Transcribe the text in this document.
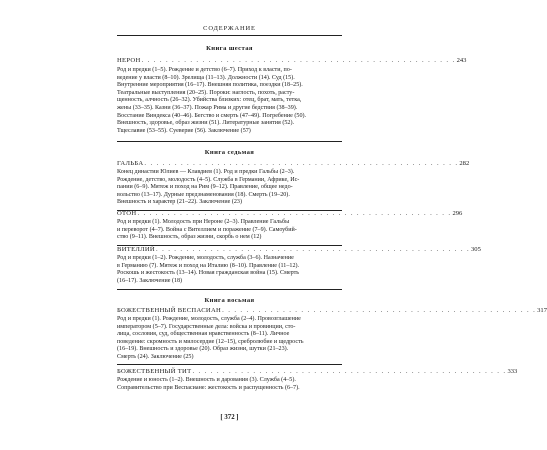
СОДЕРЖАНИЕ
Книга шестая
НЕРОН . . . . . . . . . . . . . . . . . . . . . . . . . . . . . . . . . . . . . . . . . . . . . . . . . . . . 243
Род и предки (1–5). Рождение и детство (6–7). Приход к власти, по-
ведение у власти (8–10). Зрелища (11–13). Должности (14). Суд (15).
Внутренние мероприятия (16–17). Внешняя политика, поездки (18–25).
Театральные выступления (20–25). Пороки: наглость, похоть, расту-
щенность, алчность (26–32). Убийства близких: отец, брат, мать, тетка,
жены (33–35). Казни (36–37). Пожар Рима и другие бедствия (38–39).
Восстание Виндекса (40–46). Бегство и смерть (47–49). Погребение (50).
Внешность, здоровье, образ жизни (51). Литературные занятия (52).
Тщеславие (53–55). Суеверие (56). Заключение (57)
Книга седьмая
ГАЛЬБА . . . . . . . . . . . . . . . . . . . . . . . . . . . . . . . . . . . . . . . . . . . . . . . . . . . . 282
Конец династии Юлиев — Клавдиев (1). Род и предки Гальбы (2–3).
Рождение, детство, молодость (4–5). Служба в Германии, Африке, Ис-
пании (6–9). Мятеж и поход на Рим (9–12). Правление, общее недо-
вольство (13–17). Дурные предзнаменования (18). Смерть (19–20).
Внешность и характер (21–22). Заключение (23)
ОТОН . . . . . . . . . . . . . . . . . . . . . . . . . . . . . . . . . . . . . . . . . . . . . . . . . . . . 296
Род и предки (1). Молодость при Нероне (2–3). Правление Гальбы
и переворот (4–7). Война с Вителлием и поражение (7–9). Самоубий-
ство (9–11). Внешность, образ жизни, скорбь о нем (12)
ВИТЕЛЛИЙ . . . . . . . . . . . . . . . . . . . . . . . . . . . . . . . . . . . . . . . . . . . . . . . . . . . . 305
Род и предки (1–2). Рождение, молодость, служба (3–6). Назначение
в Германию (7). Мятеж и поход на Италию (8–10). Правление (11–12).
Роскошь и жестокость (13–14). Новая гражданская война (15). Смерть
(16–17). Заключение (18)
Книга восьмая
БОЖЕСТВЕННЫЙ ВЕСПАСИАН . . . . . . . . . . . . . . . . . . . . . . . . . . . . . . . . . . . . . . . . . . . . . . . . . . . . 317
Род и предки (1). Рождение, молодость, служба (2–4). Провозглашение
императором (5–7). Государственные дела: войска и провинции, сто-
лица, сословия, суд, общественная нравственность (8–11). Личное
поведение: скромность и милосердие (12–15), сребролюбие и щедрость
(16–19). Внешность и здоровье (20). Образ жизни, шутки (21–23).
Смерть (24). Заключение (25)
БОЖЕСТВЕННЫЙ ТИТ . . . . . . . . . . . . . . . . . . . . . . . . . . . . . . . . . . . . . . . . . . . . . . . . . . . . 333
Рождение и юность (1–2). Внешность и дарования (3). Служба (4–5).
Соправительство при Веспасиане: жестокость и распущенность (6–7).
[ 372 ]
